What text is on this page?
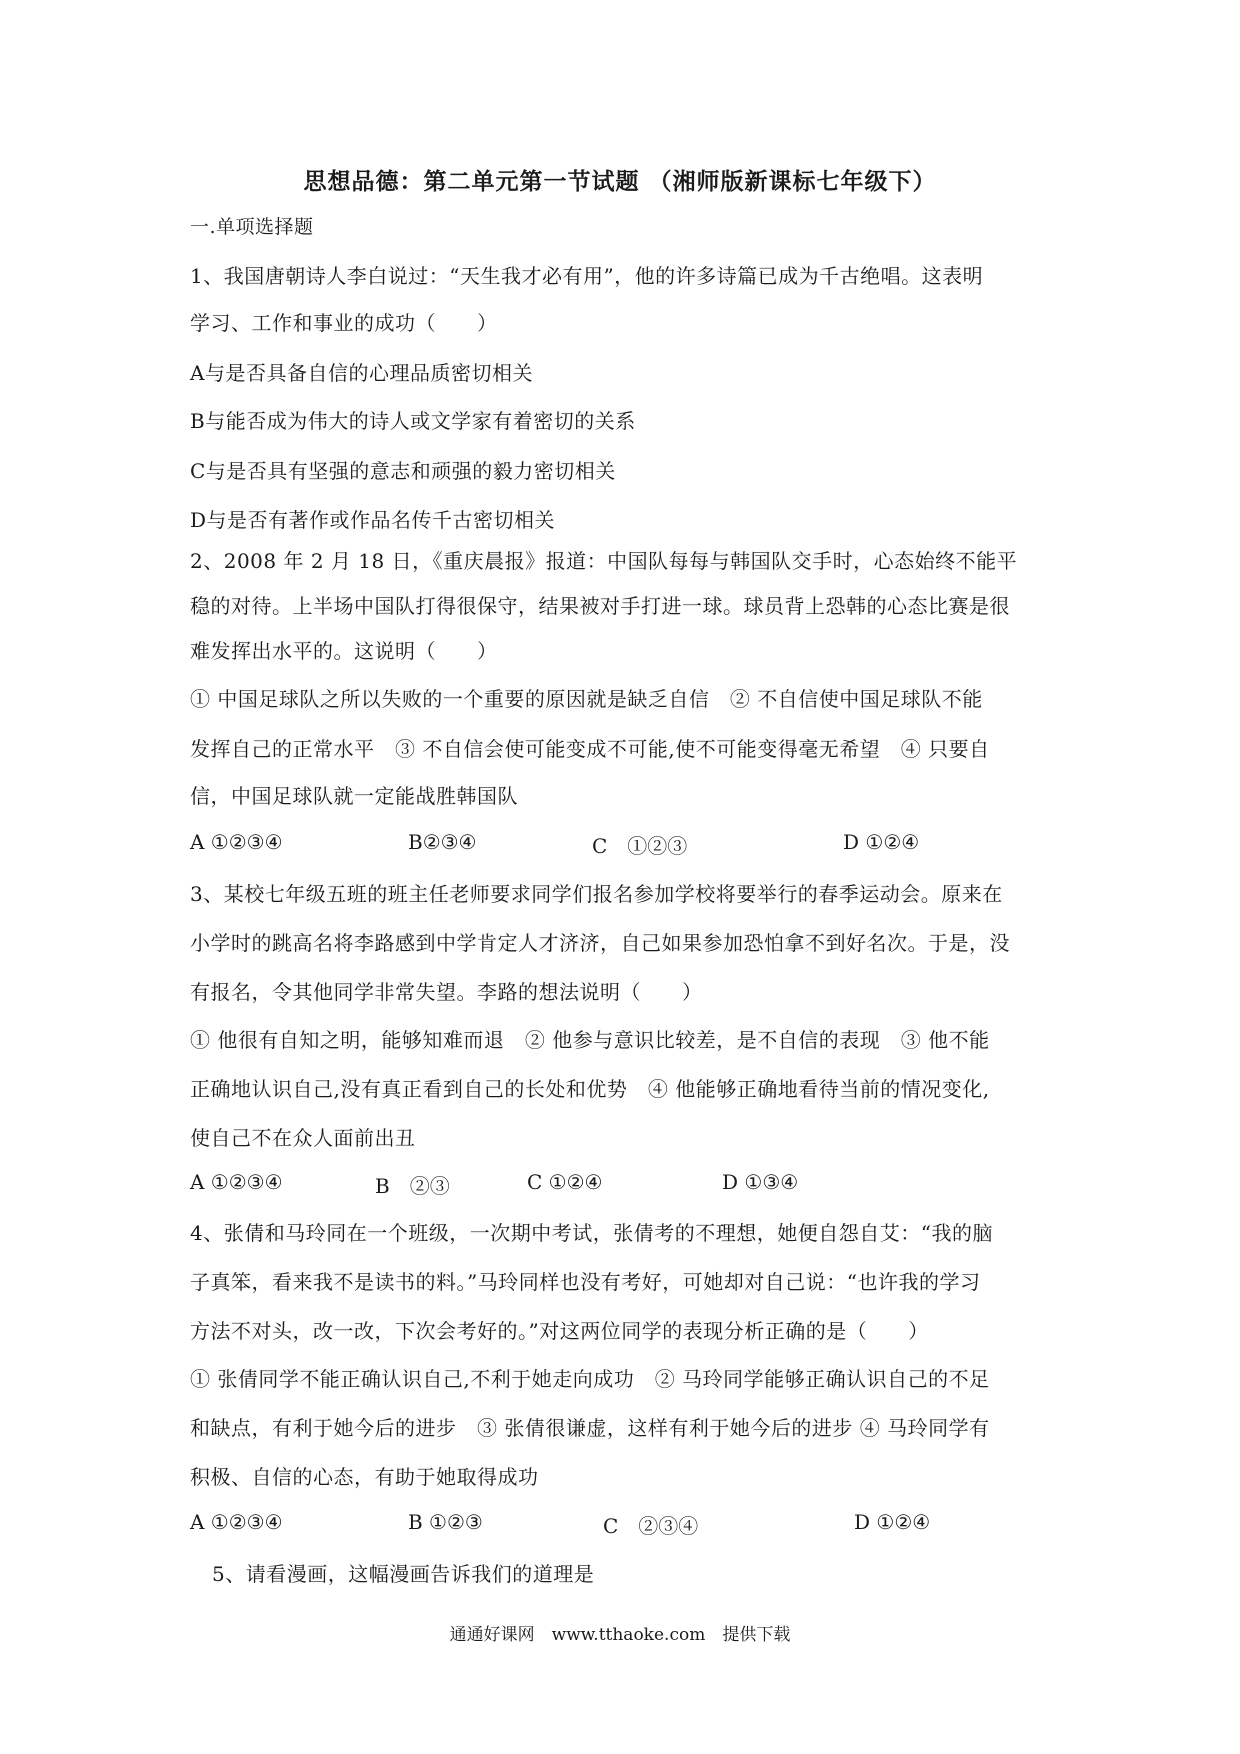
思想品德：第二单元第一节试题 （湘师版新课标七年级下）
一.单项选择题
1、我国唐朝诗人李白说过：“天生我才必有用”，他的许多诗篇已成为千古绝唱。这表明
学习、工作和事业的成功（　　）
A与是否具备自信的心理品质密切相关
B与能否成为伟大的诗人或文学家有着密切的关系
C与是否具有坚强的意志和顽强的毅力密切相关
D与是否有著作或作品名传千古密切相关
2、2008 年 2 月 18 日，《重庆晨报》报道：中国队每每与韩国队交手时，心态始终不能平
稳的对待。上半场中国队打得很保守，结果被对手打进一球。球员背上恐韩的心态比赛是很
难发挥出水平的。这说明（　　）
① 中国足球队之所以失败的一个重要的原因就是缺乏自信　② 不自信使中国足球队不能
发挥自己的正常水平　③ 不自信会使可能变成不可能,使不可能变得毫无希望　④ 只要自
信，中国足球队就一定能战胜韩国队
A ①②③④	B②③④	C　①②③	D ①②④
3、某校七年级五班的班主任老师要求同学们报名参加学校将要举行的春季运动会。原来在
小学时的跳高名将李路感到中学肯定人才济济，自己如果参加恐怕拿不到好名次。于是，没
有报名，令其他同学非常失望。李路的想法说明（　　）
① 他很有自知之明，能够知难而退　② 他参与意识比较差，是不自信的表现　③ 他不能
正确地认识自己,没有真正看到自己的长处和优势　④ 他能够正确地看待当前的情况变化,
使自己不在众人面前出丑
A ①②③④	B　②③	C ①②④	D ①③④
4、张倩和马玲同在一个班级，一次期中考试，张倩考的不理想，她便自怨自艾：“我的脑
子真笨，看来我不是读书的料。”马玲同样也没有考好，可她却对自己说：“也许我的学习
方法不对头，改一改，下次会考好的。”对这两位同学的表现分析正确的是（　　）
① 张倩同学不能正确认识自己,不利于她走向成功　② 马玲同学能够正确认识自己的不足
和缺点，有利于她今后的进步　③ 张倩很谦虚，这样有利于她今后的进步 ④ 马玲同学有
积极、自信的心态，有助于她取得成功
A ①②③④	B ①②③	C　②③④	D ①②④
5、请看漫画，这幅漫画告诉我们的道理是
通通好课网　www.tthaoke.com　提供下载
